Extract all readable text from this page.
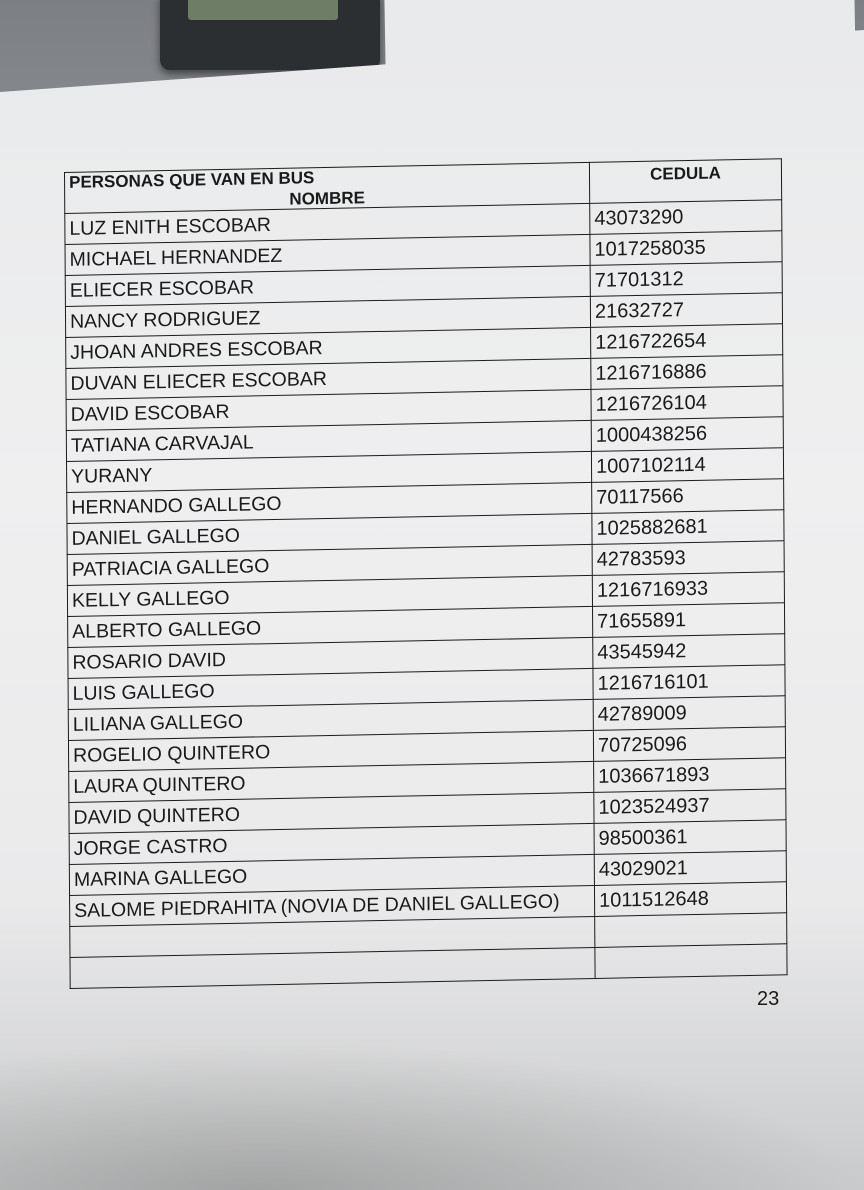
PERSONAS QUE VAN EN BUS
NOMBRE	CEDULA
LUZ ENITH ESCOBAR	43073290
MICHAEL HERNANDEZ	1017258035
ELIECER ESCOBAR	71701312
NANCY RODRIGUEZ	21632727
JHOAN ANDRES ESCOBAR	1216722654
DUVAN ELIECER ESCOBAR	1216716886
DAVID ESCOBAR	1216726104
TATIANA CARVAJAL	1000438256
YURANY	1007102114
HERNANDO GALLEGO	70117566
DANIEL GALLEGO	1025882681
PATRIACIA GALLEGO	42783593
KELLY GALLEGO	1216716933
ALBERTO GALLEGO	71655891
ROSARIO DAVID	43545942
LUIS GALLEGO	1216716101
LILIANA GALLEGO	42789009
ROGELIO QUINTERO	70725096
LAURA QUINTERO	1036671893
DAVID QUINTERO	1023524937
JORGE CASTRO	98500361
MARINA GALLEGO	43029021
SALOME PIEDRAHITA (NOVIA DE DANIEL GALLEGO)	1011512648

23
